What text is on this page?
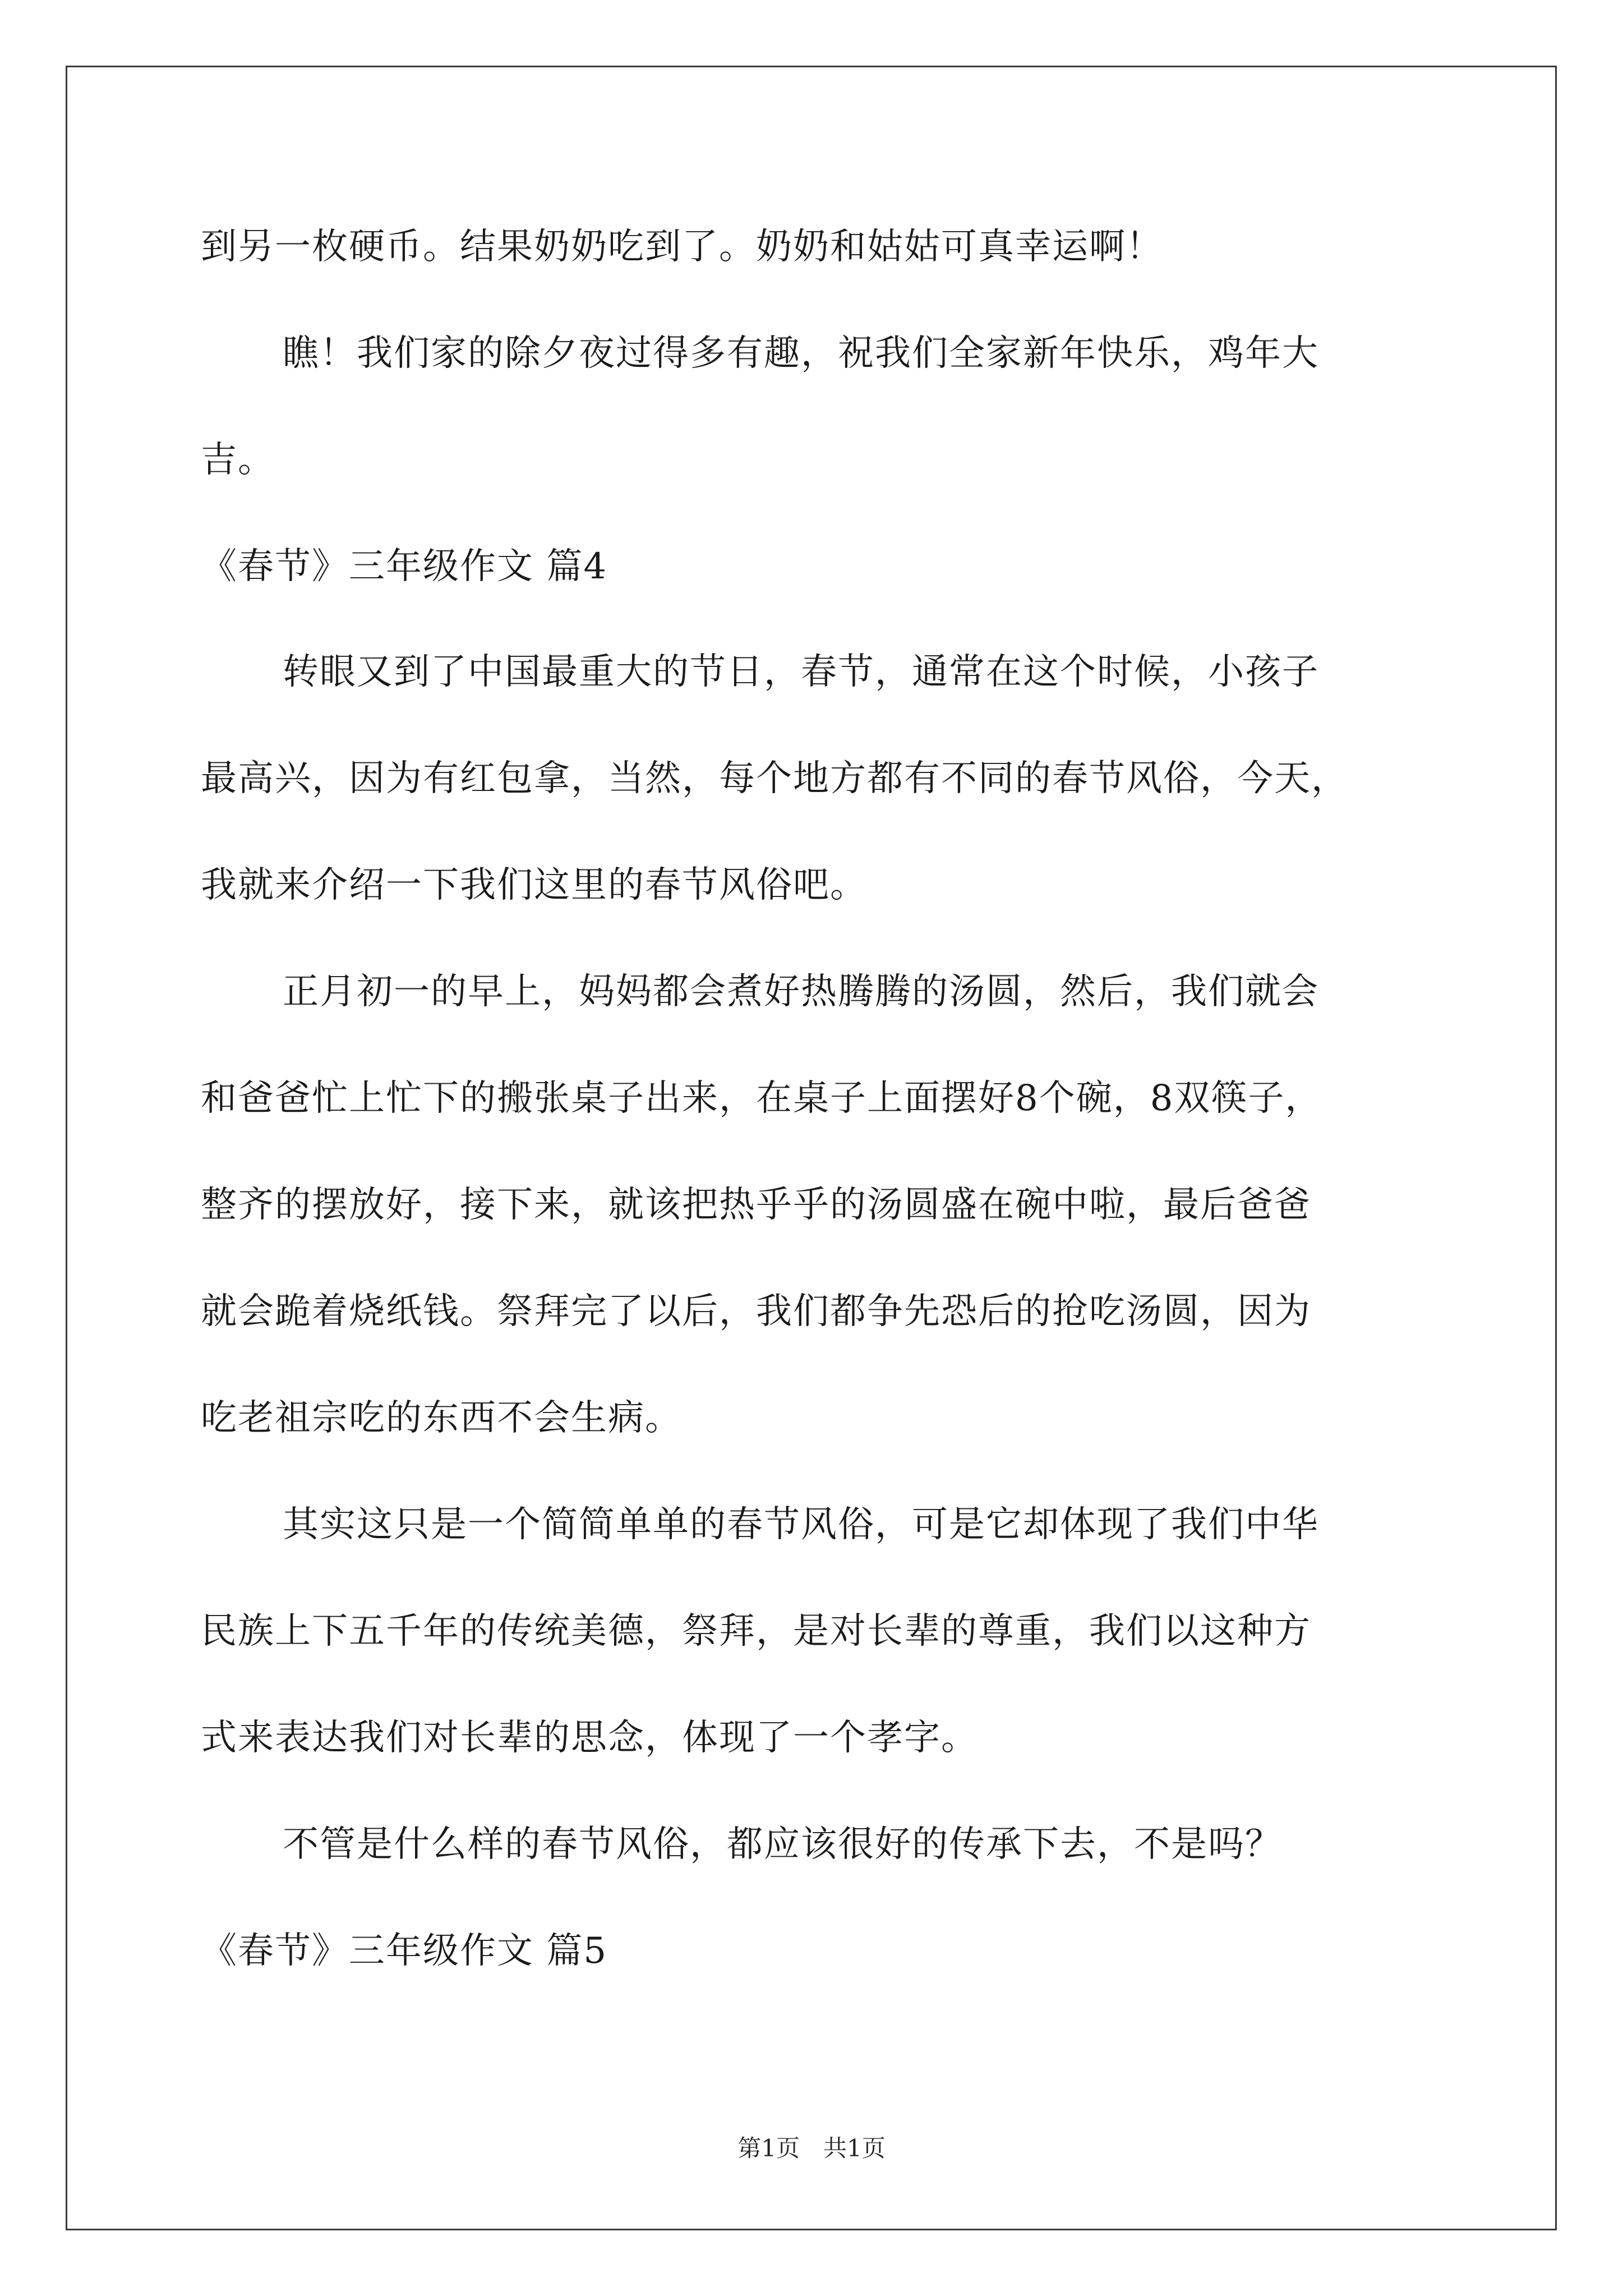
到另一枚硬币。结果奶奶吃到了。奶奶和姑姑可真幸运啊！
瞧！我们家的除夕夜过得多有趣，祝我们全家新年快乐，鸡年大
吉。
《春节》三年级作文 篇4
转眼又到了中国最重大的节日，春节，通常在这个时候，小孩子
最高兴，因为有红包拿，当然，每个地方都有不同的春节风俗，今天，
我就来介绍一下我们这里的春节风俗吧。
正月初一的早上，妈妈都会煮好热腾腾的汤圆，然后，我们就会
和爸爸忙上忙下的搬张桌子出来，在桌子上面摆好8个碗，8双筷子，
整齐的摆放好，接下来，就该把热乎乎的汤圆盛在碗中啦，最后爸爸
就会跪着烧纸钱。祭拜完了以后，我们都争先恐后的抢吃汤圆，因为
吃老祖宗吃的东西不会生病。
其实这只是一个简简单单的春节风俗，可是它却体现了我们中华
民族上下五千年的传统美德，祭拜，是对长辈的尊重，我们以这种方
式来表达我们对长辈的思念，体现了一个孝字。
不管是什么样的春节风俗，都应该很好的传承下去，不是吗？
《春节》三年级作文 篇5
第1页　共1页
